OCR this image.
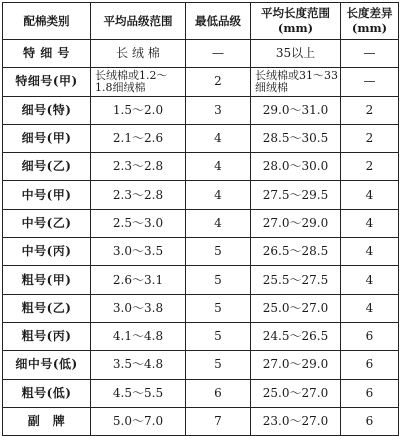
配棉类别	平均品级范围	最低品级	平均长度范围 (mm)	长度差异 (mm)
特 细 号	长 绒 棉	—	35以上	—
特细号(甲)	长绒棉或1.2～1.8细绒棉	2	长绒棉或31～33细绒棉	—
细号(特)	1.5～2.0	3	29.0～31.0	2
细号(甲)	2.1～2.6	4	28.5～30.5	2
细号(乙)	2.3～2.8	4	28.0～30.0	2
中号(甲)	2.3～2.8	4	27.5～29.5	4
中号(乙)	2.5～3.0	4	27.0～29.0	4
中号(丙)	3.0～3.5	5	26.5～28.5	4
粗号(甲)	2.6～3.1	5	25.5～27.5	4
粗号(乙)	3.0～3.8	5	25.0～27.0	4
粗号(丙)	4.1～4.8	5	24.5～26.5	6
细中号(低)	3.5～4.8	5	27.0～29.0	6
粗号(低)	4.5～5.5	6	25.0～27.0	6
副　牌	5.0～7.0	7	23.0～27.0	6
